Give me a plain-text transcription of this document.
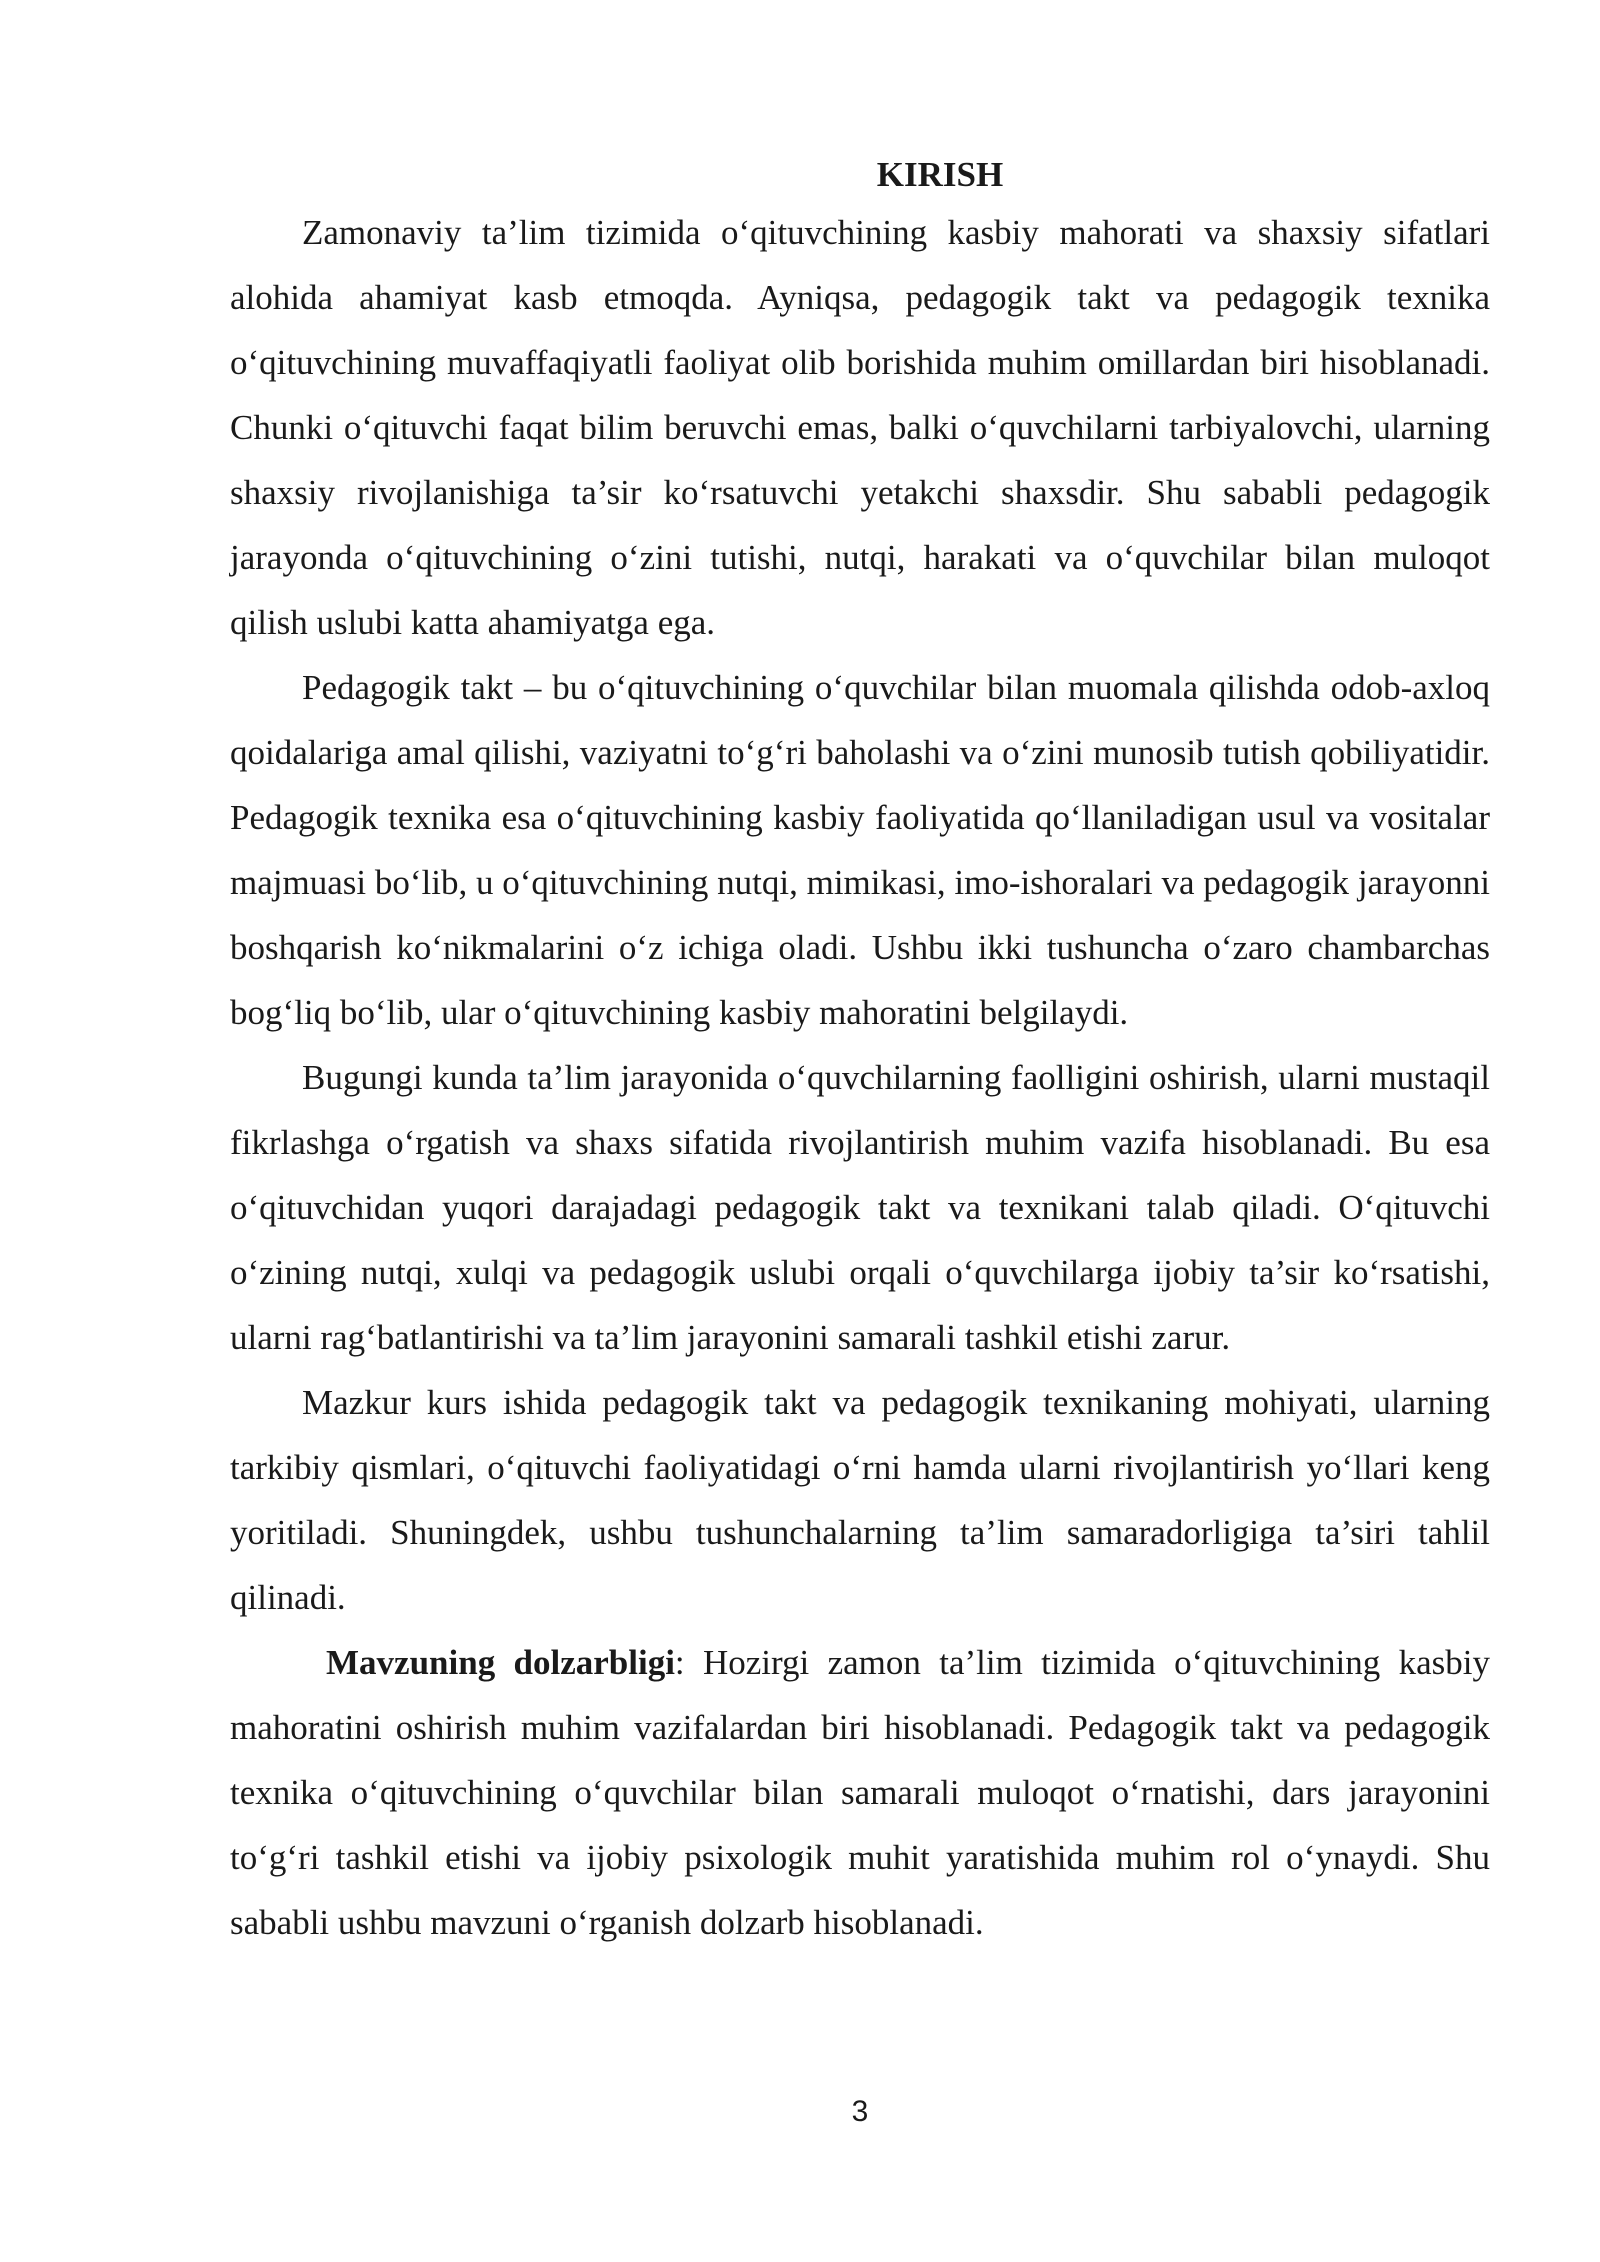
KIRISH

Zamonaviy ta’lim tizimida o‘qituvchining kasbiy mahorati va shaxsiy sifatlari alohida ahamiyat kasb etmoqda. Ayniqsa, pedagogik takt va pedagogik texnika o‘qituvchining muvaffaqiyatli faoliyat olib borishida muhim omillardan biri hisoblanadi. Chunki o‘qituvchi faqat bilim beruvchi emas, balki o‘quvchilarni tarbiyalovchi, ularning shaxsiy rivojlanishiga ta’sir ko‘rsatuvchi yetakchi shaxsdir. Shu sababli pedagogik jarayonda o‘qituvchining o‘zini tutishi, nutqi, harakati va o‘quvchilar bilan muloqot qilish uslubi katta ahamiyatga ega.

Pedagogik takt – bu o‘qituvchining o‘quvchilar bilan muomala qilishda odob-axloq qoidalariga amal qilishi, vaziyatni to‘g‘ri baholashi va o‘zini munosib tutish qobiliyatidir. Pedagogik texnika esa o‘qituvchining kasbiy faoliyatida qo‘llaniladigan usul va vositalar majmuasi bo‘lib, u o‘qituvchining nutqi, mimikasi, imo-ishoralari va pedagogik jarayonni boshqarish ko‘nikmalarini o‘z ichiga oladi. Ushbu ikki tushuncha o‘zaro chambarchas bog‘liq bo‘lib, ular o‘qituvchining kasbiy mahoratini belgilaydi.

Bugungi kunda ta’lim jarayonida o‘quvchilarning faolligini oshirish, ularni mustaqil fikrlashga o‘rgatish va shaxs sifatida rivojlantirish muhim vazifa hisoblanadi. Bu esa o‘qituvchidan yuqori darajadagi pedagogik takt va texnikani talab qiladi. O‘qituvchi o‘zining nutqi, xulqi va pedagogik uslubi orqali o‘quvchilarga ijobiy ta’sir ko‘rsatishi, ularni rag‘batlantirishi va ta’lim jarayonini samarali tashkil etishi zarur.

Mazkur kurs ishida pedagogik takt va pedagogik texnikaning mohiyati, ularning tarkibiy qismlari, o‘qituvchi faoliyatidagi o‘rni hamda ularni rivojlantirish yo‘llari keng yoritiladi. Shuningdek, ushbu tushunchalarning ta’lim samaradorligiga ta’siri tahlil qilinadi.

Mavzuning dolzarbligi: Hozirgi zamon ta’lim tizimida o‘qituvchining kasbiy mahoratini oshirish muhim vazifalardan biri hisoblanadi. Pedagogik takt va pedagogik texnika o‘qituvchining o‘quvchilar bilan samarali muloqot o‘rnatishi, dars jarayonini to‘g‘ri tashkil etishi va ijobiy psixologik muhit yaratishida muhim rol o‘ynaydi. Shu sababli ushbu mavzuni o‘rganish dolzarb hisoblanadi.

3
